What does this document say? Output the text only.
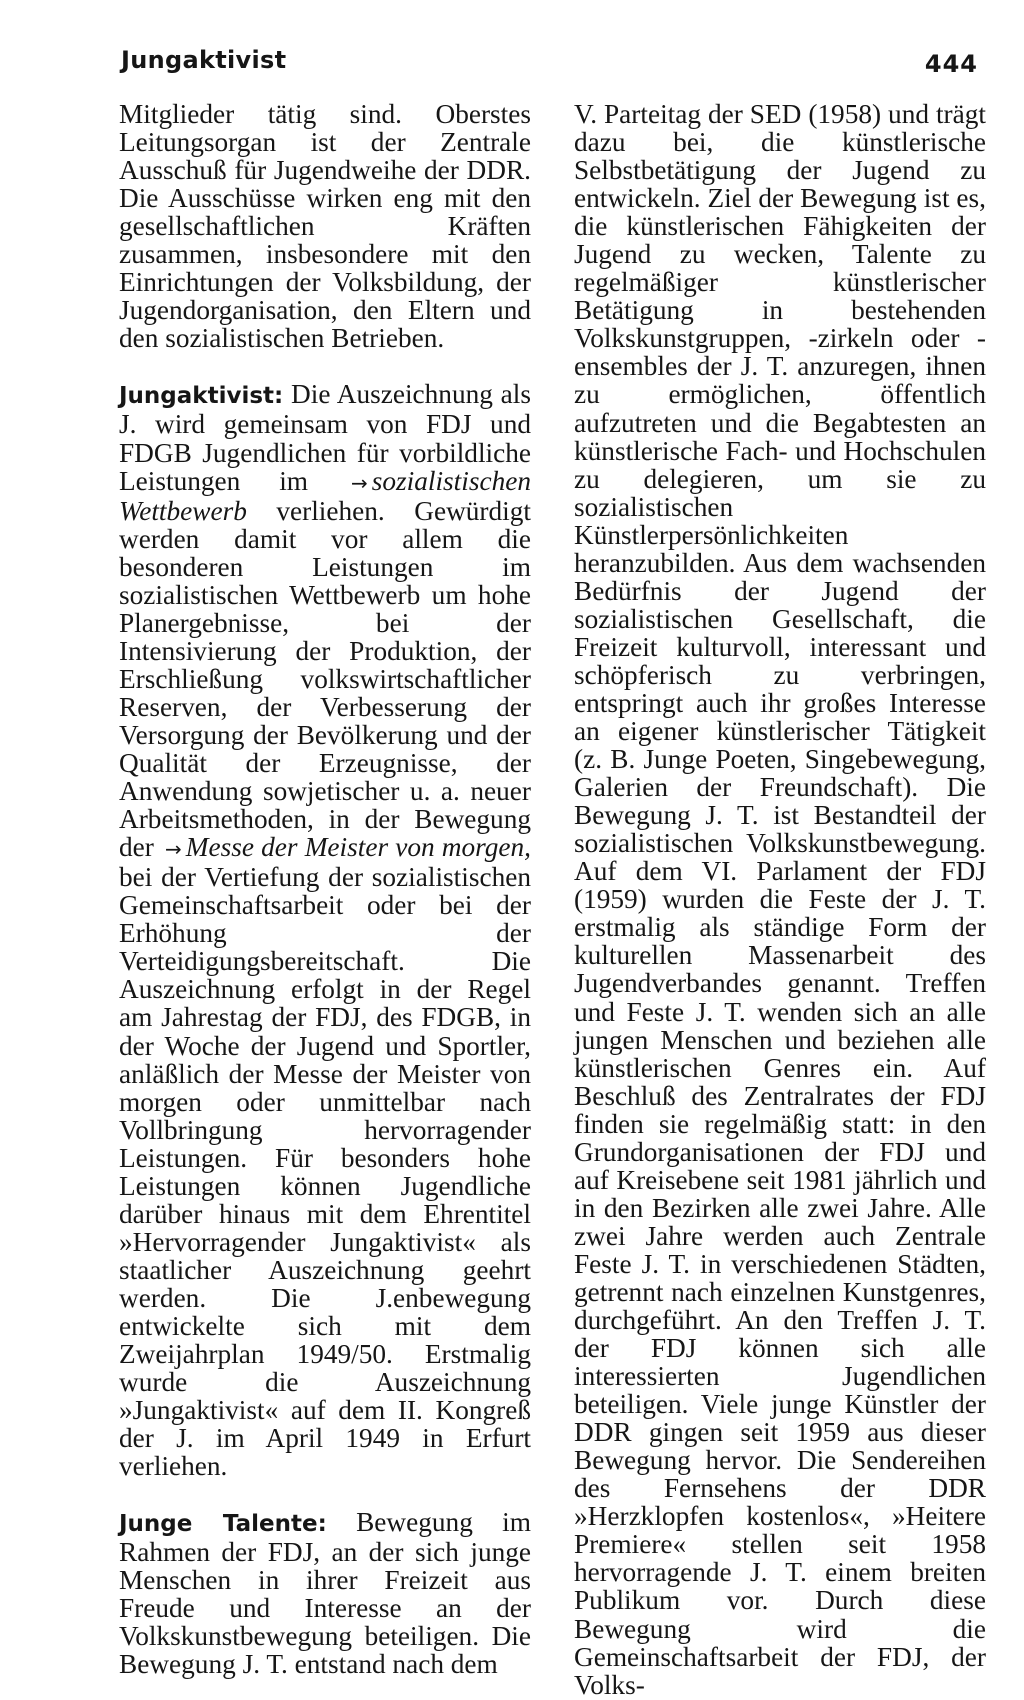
Jungaktivist	444

Mitglieder tätig sind. Oberstes Leitungsorgan ist der Zentrale Ausschuß für Jugendweihe der DDR. Die Ausschüsse wirken eng mit den gesellschaftlichen Kräften zusammen, insbesondere mit den Einrichtungen der Volksbildung, der Jugendorganisation, den Eltern und den sozialistischen Betrieben.

Jungaktivist: Die Auszeichnung als J. wird gemeinsam von FDJ und FDGB Jugendlichen für vorbildliche Leistungen im → sozialistischen Wettbewerb verliehen. Gewürdigt werden damit vor allem die besonderen Leistungen im sozialistischen Wettbewerb um hohe Planergebnisse, bei der Intensivierung der Produktion, der Erschließung volkswirtschaftlicher Reserven, der Verbesserung der Versorgung der Bevölkerung und der Qualität der Erzeugnisse, der Anwendung sowjetischer u. a. neuer Arbeitsmethoden, in der Bewegung der → Messe der Meister von morgen, bei der Vertiefung der sozialistischen Gemeinschaftsarbeit oder bei der Erhöhung der Verteidigungsbereitschaft. Die Auszeichnung erfolgt in der Regel am Jahrestag der FDJ, des FDGB, in der Woche der Jugend und Sportler, anläßlich der Messe der Meister von morgen oder unmittelbar nach Vollbringung hervorragender Leistungen. Für besonders hohe Leistungen können Jugendliche darüber hinaus mit dem Ehrentitel »Hervorragender Jungaktivist« als staatlicher Auszeichnung geehrt werden. Die J.enbewegung entwickelte sich mit dem Zweijahrplan 1949/50. Erstmalig wurde die Auszeichnung »Jungaktivist« auf dem II. Kongreß der J. im April 1949 in Erfurt verliehen.

Junge Talente: Bewegung im Rahmen der FDJ, an der sich junge Menschen in ihrer Freizeit aus Freude und Interesse an der Volkskunstbewegung beteiligen. Die Bewegung J. T. entstand nach dem

V. Parteitag der SED (1958) und trägt dazu bei, die künstlerische Selbstbetätigung der Jugend zu entwickeln. Ziel der Bewegung ist es, die künstlerischen Fähigkeiten der Jugend zu wecken, Talente zu regelmäßiger künstlerischer Betätigung in bestehenden Volkskunstgruppen, -zirkeln oder -ensembles der J. T. anzuregen, ihnen zu ermöglichen, öffentlich aufzutreten und die Begabtesten an künstlerische Fach- und Hochschulen zu delegieren, um sie zu sozialistischen Künstlerpersönlichkeiten heranzubilden. Aus dem wachsenden Bedürfnis der Jugend der sozialistischen Gesellschaft, die Freizeit kulturvoll, interessant und schöpferisch zu verbringen, entspringt auch ihr großes Interesse an eigener künstlerischer Tätigkeit (z. B. Junge Poeten, Singebewegung, Galerien der Freundschaft). Die Bewegung J. T. ist Bestandteil der sozialistischen Volkskunstbewegung. Auf dem VI. Parlament der FDJ (1959) wurden die Feste der J. T. erstmalig als ständige Form der kulturellen Massenarbeit des Jugendverbandes genannt. Treffen und Feste J. T. wenden sich an alle jungen Menschen und beziehen alle künstlerischen Genres ein. Auf Beschluß des Zentralrates der FDJ finden sie regelmäßig statt: in den Grundorganisationen der FDJ und auf Kreisebene seit 1981 jährlich und in den Bezirken alle zwei Jahre. Alle zwei Jahre werden auch Zentrale Feste J. T. in verschiedenen Städten, getrennt nach einzelnen Kunstgenres, durchgeführt. An den Treffen J. T. der FDJ können sich alle interessierten Jugendlichen beteiligen. Viele junge Künstler der DDR gingen seit 1959 aus dieser Bewegung hervor. Die Sendereihen des Fernsehens der DDR »Herzklopfen kostenlos«, »Heitere Premiere« stellen seit 1958 hervorragende J. T. einem breiten Publikum vor. Durch diese Bewegung wird die Gemeinschaftsarbeit der FDJ, der Volks-
